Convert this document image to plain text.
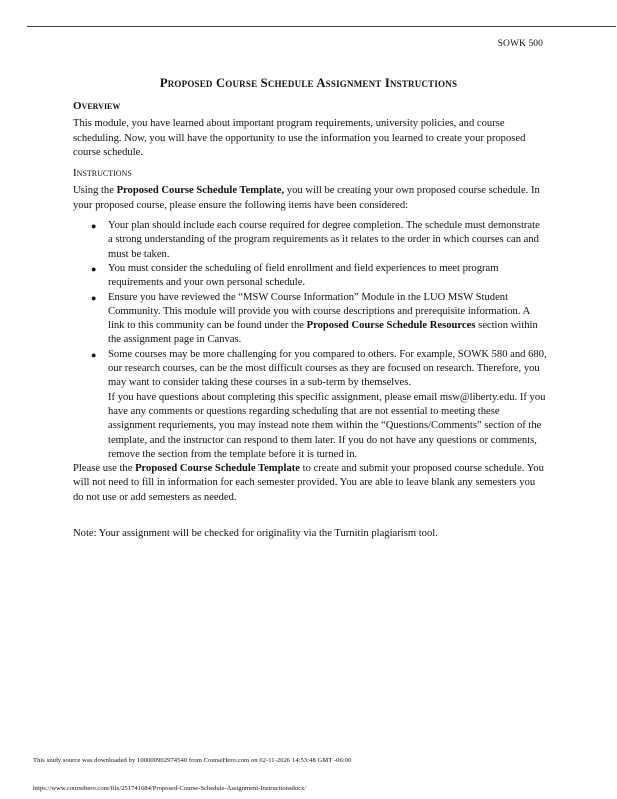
SOWK 500
Proposed Course Schedule Assignment Instructions
Overview

This module, you have learned about important program requirements, university policies, and course scheduling. Now, you will have the opportunity to use the information you learned to create your proposed course schedule.

Instructions

Using the Proposed Course Schedule Template, you will be creating your own proposed course schedule. In your proposed course, please ensure the following items have been considered:

● Your plan should include each course required for degree completion. The schedule must demonstrate a strong understanding of the program requirements as it relates to the order in which courses can and must be taken.
● You must consider the scheduling of field enrollment and field experiences to meet program requirements and your own personal schedule.
● Ensure you have reviewed the “MSW Course Information” Module in the LUO MSW Student Community. This module will provide you with course descriptions and prerequisite information. A link to this community can be found under the Proposed Course Schedule Resources section within the assignment page in Canvas.
● Some courses may be more challenging for you compared to others. For example, SOWK 580 and 680, our research courses, can be the most difficult courses as they are focused on research. Therefore, you may want to consider taking these courses in a sub-term by themselves.

If you have questions about completing this specific assignment, please email msw@liberty.edu. If you have any comments or questions regarding scheduling that are not essential to meeting these assignment requriements, you may instead note them within the “Questions/Comments” section of the template, and the instructor can respond to them later. If you do not have any questions or comments, remove the section from the template before it is turned in.

Please use the Proposed Course Schedule Template to create and submit your proposed course schedule. You will not need to fill in information for each semester provided. You are able to leave blank any semesters you do not use or add semesters as needed.

Note: Your assignment will be checked for originality via the Turnitin plagiarism tool.

This study source was downloaded by 100000902974540 from CourseHero.com on 02-11-2026 14:53:48 GMT -06:00
https://www.coursehero.com/file/251741684/Proposed-Course-Schedule-Assignment-Instructionsdocx/
